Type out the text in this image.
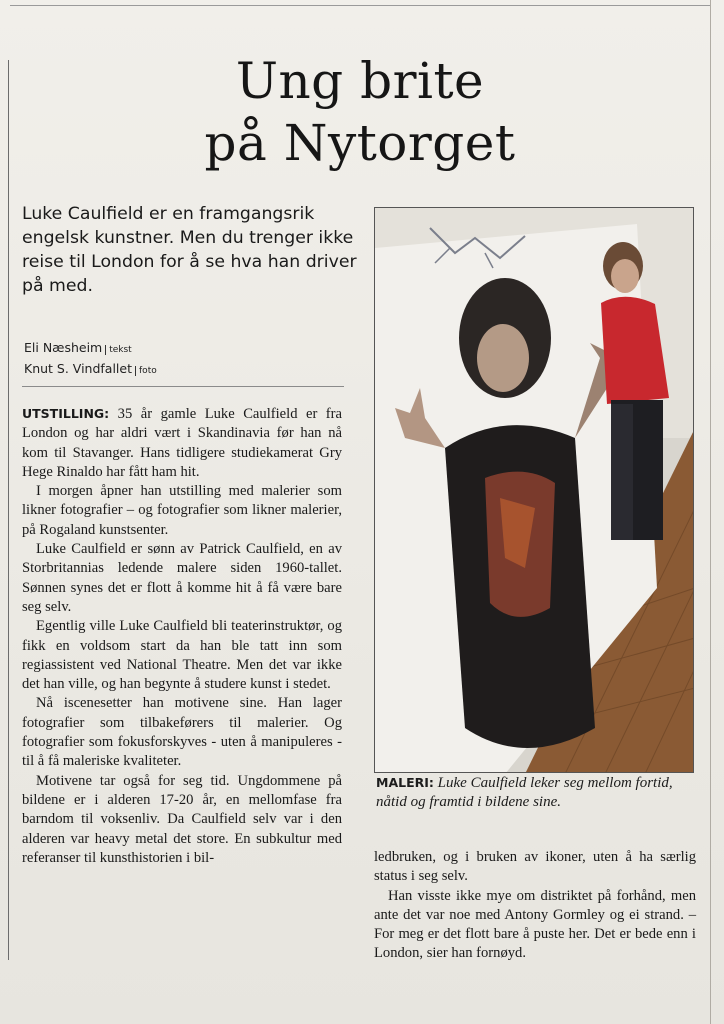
Ung brite
på Nytorget
Luke Caulfield er en framgangsrik engelsk kunstner. Men du trenger ikke reise til London for å se hva han driver på med.
Eli Næsheim tekst
Knut S. Vindfallet foto

UTSTILLING: 35 år gamle Luke Caulfield er fra London og har aldri vært i Skandinavia før han nå kom til Stavanger. Hans tidligere studiekamerat Gry Hege Rinaldo har fått ham hit.

I morgen åpner han utstilling med malerier som likner fotografier – og fotografier som likner malerier, på Rogaland kunstsenter.

Luke Caulfield er sønn av Patrick Caulfield, en av Storbritannias ledende malere siden 1960-tallet. Sønnen synes det er flott å komme hit å få være bare seg selv.

Egentlig ville Luke Caulfield bli teaterinstruktør, og fikk en voldsom start da han ble tatt inn som regiassistent ved National Theatre. Men det var ikke det han ville, og han begynte å studere kunst i stedet.

Nå iscenesetter han motivene sine. Han lager fotografier som tilbakeførers til malerier. Og fotografier som fokusforskyves - uten å manipuleres - til å få maleriske kvaliteter.

Motivene tar også for seg tid. Ungdommene på bildene er i alderen 17-20 år, en mellomfase fra barndom til voksenliv. Da Caulfield selv var i den alderen var heavy metal det store. En subkultur med referanser til kunsthistorien i bil-

MALERI: Luke Caulfield leker seg mellom fortid, nåtid og framtid i bildene sine.

ledbruken, og i bruken av ikoner, uten å ha særlig status i seg selv.

Han visste ikke mye om distriktet på forhånd, men ante det var noe med Antony Gormley og ei strand. – For meg er det flott bare å puste her. Det er bede enn i London, sier han fornøyd.
